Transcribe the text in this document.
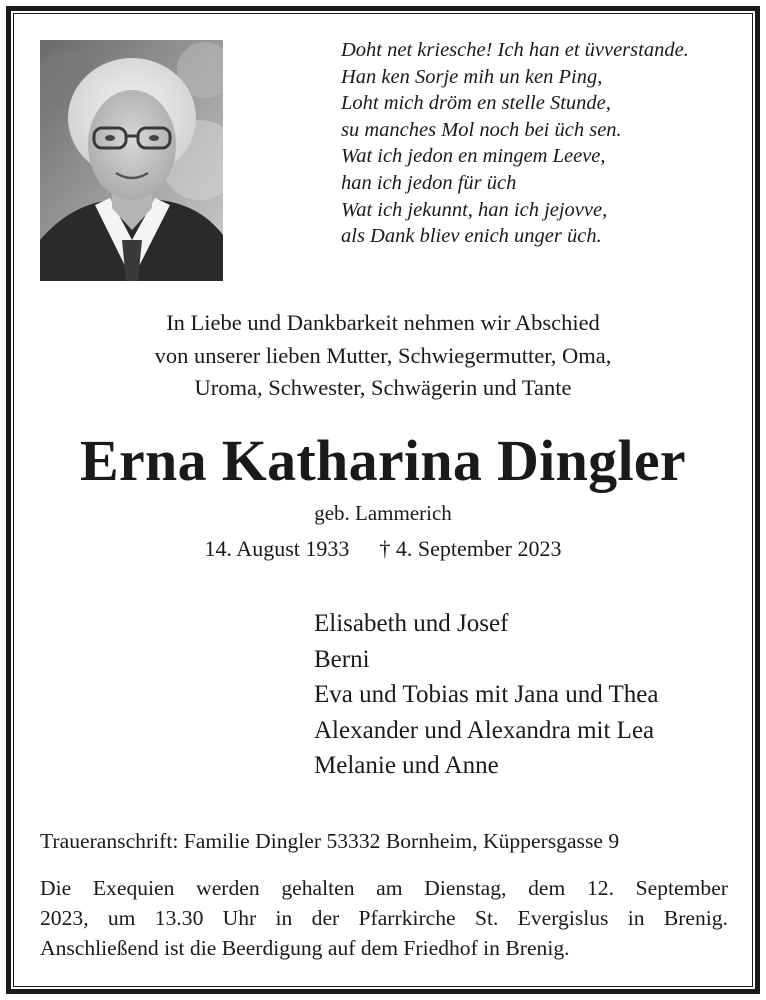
Doht net kriesche! Ich han et üvverstande.
Han ken Sorje mih un ken Ping,
Loht mich dröm en stelle Stunde,
su manches Mol noch bei üch sen.
Wat ich jedon en mingem Leeve,
han ich jedon für üch
Wat ich jekunnt, han ich jejovve,
als Dank bliev enich unger üch.
In Liebe und Dankbarkeit nehmen wir Abschied
von unserer lieben Mutter, Schwiegermutter, Oma,
Uroma, Schwester, Schwägerin und Tante
Erna Katharina Dingler
geb. Lammerich
14. August 1933 † 4. September 2023
Elisabeth und Josef
Berni
Eva und Tobias mit Jana und Thea
Alexander und Alexandra mit Lea
Melanie und Anne
Traueranschrift: Familie Dingler 53332 Bornheim, Küppersgasse 9
Die Exequien werden gehalten am Dienstag, dem 12. September
2023, um 13.30 Uhr in der Pfarrkirche St. Evergislus in Brenig.
Anschließend ist die Beerdigung auf dem Friedhof in Brenig.
